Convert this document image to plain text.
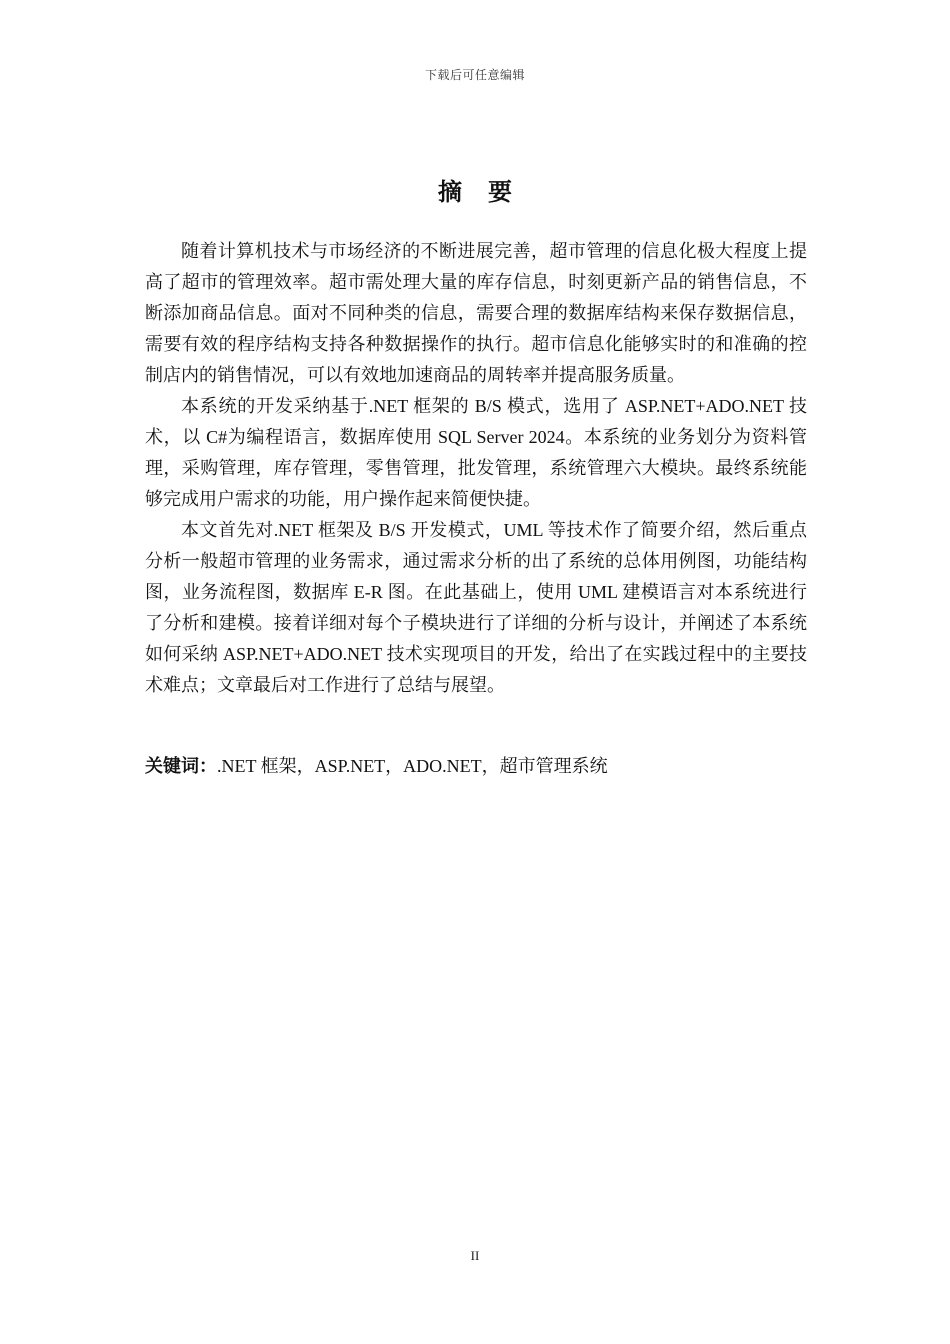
下载后可任意编辑
摘要

随着计算机技术与市场经济的不断进展完善，超市管理的信息化极大程度上提高了超市的管理效率。超市需处理大量的库存信息，时刻更新产品的销售信息，不断添加商品信息。面对不同种类的信息，需要合理的数据库结构来保存数据信息，需要有效的程序结构支持各种数据操作的执行。超市信息化能够实时的和准确的控制店内的销售情况，可以有效地加速商品的周转率并提高服务质量。

本系统的开发采纳基于.NET 框架的 B/S 模式，选用了 ASP.NET+ADO.NET 技术，以 C#为编程语言，数据库使用 SQL Server 2024。本系统的业务划分为资料管理，采购管理，库存管理，零售管理，批发管理，系统管理六大模块。最终系统能够完成用户需求的功能，用户操作起来简便快捷。

本文首先对.NET 框架及 B/S 开发模式，UML 等技术作了简要介绍，然后重点分析一般超市管理的业务需求，通过需求分析的出了系统的总体用例图，功能结构图，业务流程图，数据库 E-R 图。在此基础上，使用 UML 建模语言对本系统进行了分析和建模。接着详细对每个子模块进行了详细的分析与设计，并阐述了本系统如何采纳 ASP.NET+ADO.NET 技术实现项目的开发，给出了在实践过程中的主要技术难点；文章最后对工作进行了总结与展望。

关键词：.NET 框架，ASP.NET，ADO.NET，超市管理系统
II
